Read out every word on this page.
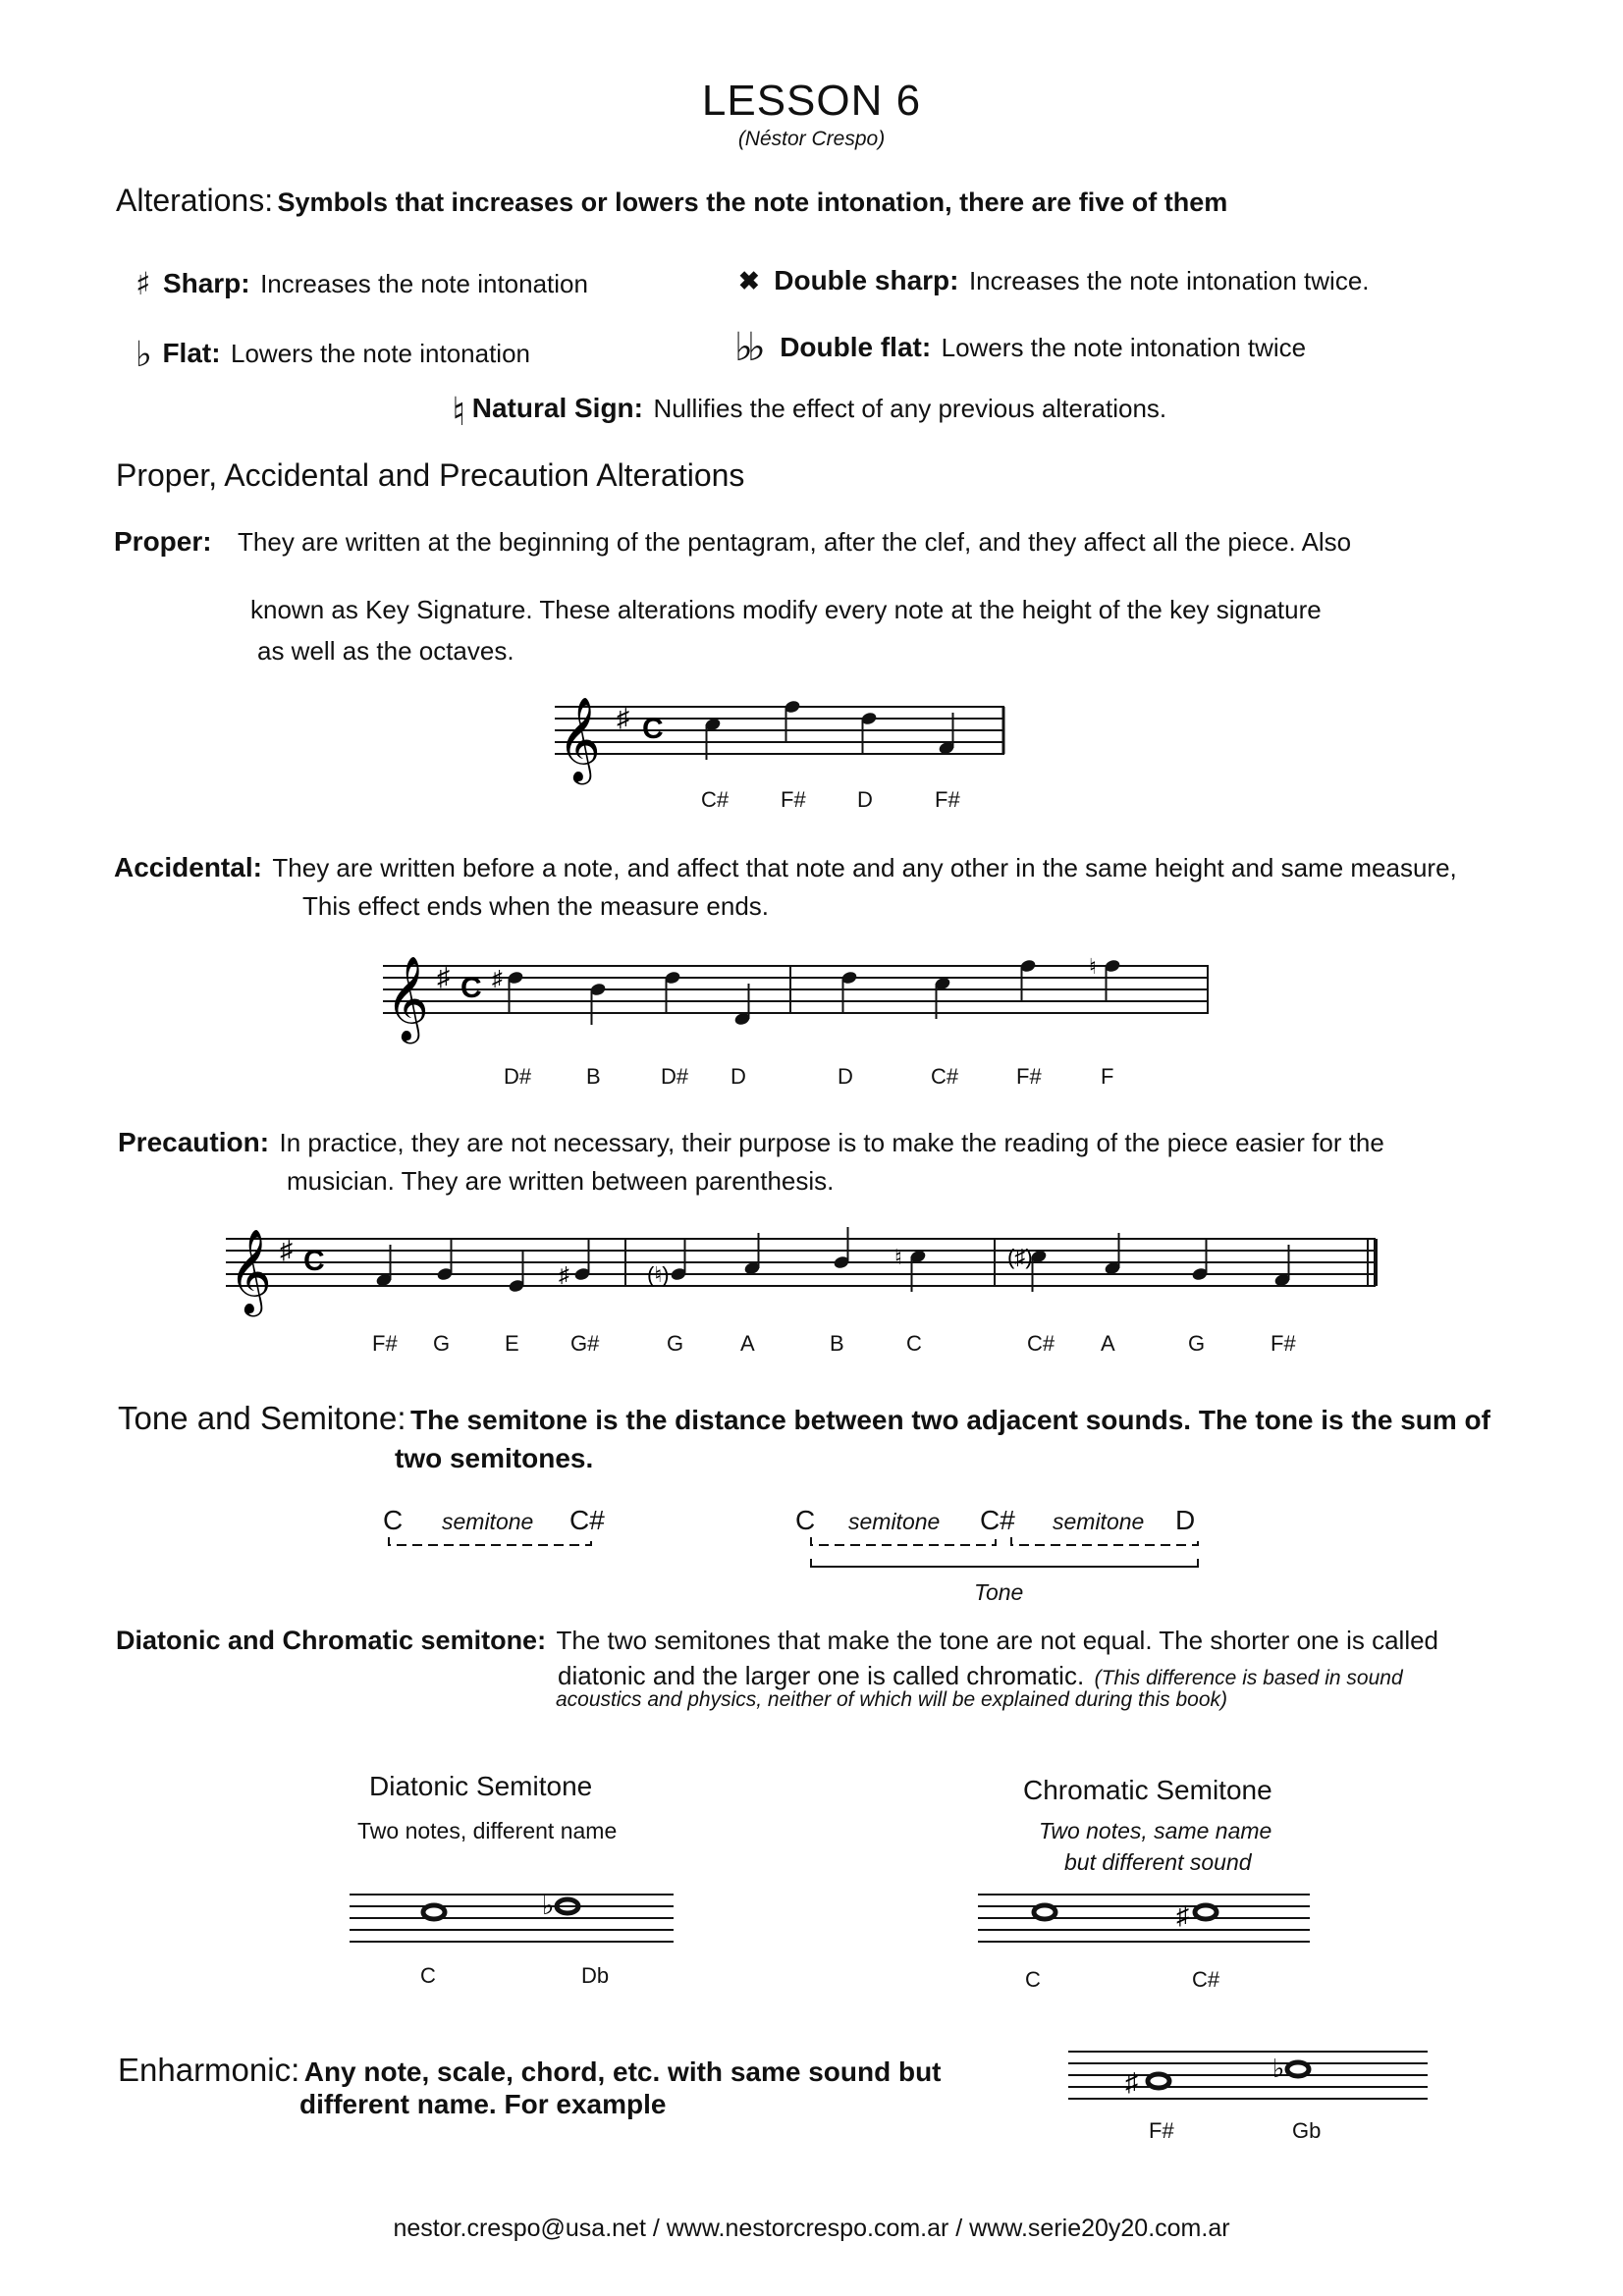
LESSON 6
(Néstor Crespo)
Alterations: Symbols that increases or lowers the note intonation, there are five of them
♯ Sharp: Increases the note intonation	✖ Double sharp: Increases the note intonation twice.
♭ Flat: Lowers the note intonation	♭♭ Double flat: Lowers the note intonation twice
♮ Natural Sign: Nullifies the effect of any previous alterations.
Proper, Accidental and Precaution Alterations
Proper: They are written at the beginning of the pentagram, after the clef, and they affect all the piece. Also
known as Key Signature. These alterations modify every note at the height of the key signature
as well as the octaves.
𝄞 ♯ C
C# F# D	F#
Accidental: They are written before a note, and affect that note and any other in the same height and same measure,
This effect ends when the measure ends.
𝄞 ♯ C ♯	♮
D#	B	D# D	D	C#	F#	F
Precaution: In practice, they are not necessary, their purpose is to make the reading of the piece easier for the
musician. They are written between parenthesis.
𝄞 ♯ C	♯	(♮)
♮	(♯)
F# G	E G#	G	A	B	C	C# A	G	F#
Tone and Semitone: The semitone is the distance between two adjacent sounds. The tone is the sum of
two semitones.
C semitone C#	C semitone C# semitone D
Tone
Diatonic and Chromatic semitone: The two semitones that make the tone are not equal. The shorter one is called
diatonic and the larger one is called chromatic. (This difference is based in sound
acoustics and physics, neither of which will be explained during this book)
Diatonic Semitone
Two notes, different name
Chromatic Semitone
Two notes, same name
but different sound
♭
C	Db
♯
C	C#
Enharmonic: Any note, scale, chord, etc. with same sound but
different name. For example
♯	♭
F#	Gb
nestor.crespo@usa.net / www.nestorcrespo.com.ar / www.serie20y20.com.ar
